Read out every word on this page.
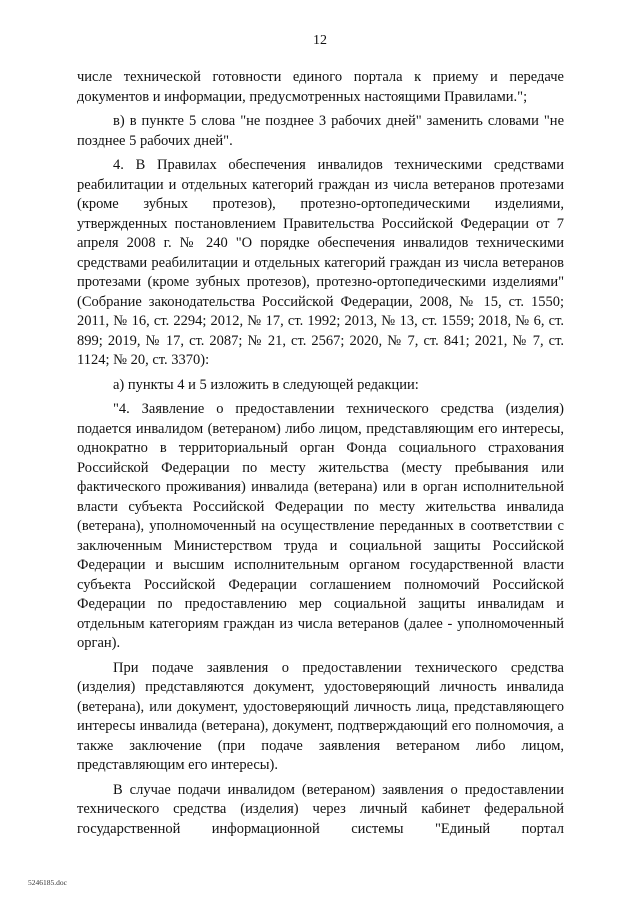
12

числе технической готовности единого портала к приему и передаче документов и информации, предусмотренных настоящими Правилами.";

в) в пункте 5 слова "не позднее 3 рабочих дней" заменить словами "не позднее 5 рабочих дней".

4. В Правилах обеспечения инвалидов техническими средствами реабилитации и отдельных категорий граждан из числа ветеранов протезами (кроме зубных протезов), протезно-ортопедическими изделиями, утвержденных постановлением Правительства Российской Федерации от 7 апреля 2008 г. № 240 "О порядке обеспечения инвалидов техническими средствами реабилитации и отдельных категорий граждан из числа ветеранов протезами (кроме зубных протезов), протезно-ортопедическими изделиями" (Собрание законодательства Российской Федерации, 2008, № 15, ст. 1550; 2011, № 16, ст. 2294; 2012, № 17, ст. 1992; 2013, № 13, ст. 1559; 2018, № 6, ст. 899; 2019, № 17, ст. 2087; № 21, ст. 2567; 2020, № 7, ст. 841; 2021, № 7, ст. 1124; № 20, ст. 3370):

а) пункты 4 и 5 изложить в следующей редакции:

"4. Заявление о предоставлении технического средства (изделия) подается инвалидом (ветераном) либо лицом, представляющим его интересы, однократно в территориальный орган Фонда социального страхования Российской Федерации по месту жительства (месту пребывания или фактического проживания) инвалида (ветерана) или в орган исполнительной власти субъекта Российской Федерации по месту жительства инвалида (ветерана), уполномоченный на осуществление переданных в соответствии с заключенным Министерством труда и социальной защиты Российской Федерации и высшим исполнительным органом государственной власти субъекта Российской Федерации соглашением полномочий Российской Федерации по предоставлению мер социальной защиты инвалидам и отдельным категориям граждан из числа ветеранов (далее - уполномоченный орган).

При подаче заявления о предоставлении технического средства (изделия) представляются документ, удостоверяющий личность инвалида (ветерана), или документ, удостоверяющий личность лица, представляющего интересы инвалида (ветерана), документ, подтверждающий его полномочия, а также заключение (при подаче заявления ветераном либо лицом, представляющим его интересы).

В случае подачи инвалидом (ветераном) заявления о предоставлении технического средства (изделия) через личный кабинет федеральной государственной информационной системы "Единый портал

5246185.doc
